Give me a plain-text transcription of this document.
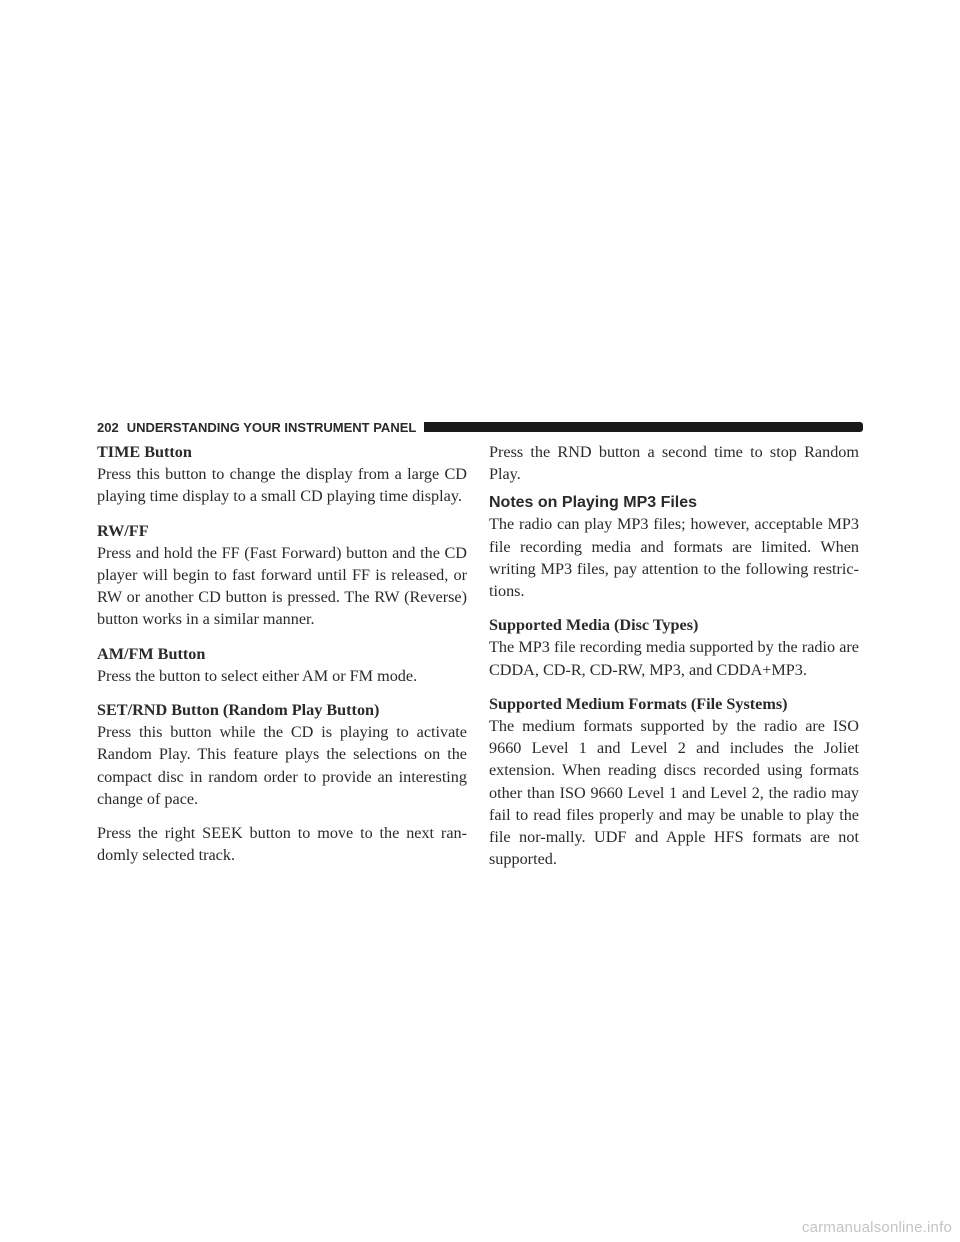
202 UNDERSTANDING YOUR INSTRUMENT PANEL

TIME Button

Press this button to change the display from a large CD playing time display to a small CD playing time display.

RW/FF

Press and hold the FF (Fast Forward) button and the CD player will begin to fast forward until FF is released, or RW or another CD button is pressed. The RW (Reverse) button works in a similar manner.

AM/FM Button

Press the button to select either AM or FM mode.

SET/RND Button (Random Play Button)

Press this button while the CD is playing to activate Random Play. This feature plays the selections on the compact disc in random order to provide an interesting change of pace.

Press the right SEEK button to move to the next ran-domly selected track.

Press the RND button a second time to stop Random Play.

Notes on Playing MP3 Files

The radio can play MP3 files; however, acceptable MP3 file recording media and formats are limited. When writing MP3 files, pay attention to the following restric-tions.

Supported Media (Disc Types)

The MP3 file recording media supported by the radio are CDDA, CD-R, CD-RW, MP3, and CDDA+MP3.

Supported Medium Formats (File Systems)

The medium formats supported by the radio are ISO 9660 Level 1 and Level 2 and includes the Joliet extension. When reading discs recorded using formats other than ISO 9660 Level 1 and Level 2, the radio may fail to read files properly and may be unable to play the file nor-mally. UDF and Apple HFS formats are not supported.

carmanualsonline.info
